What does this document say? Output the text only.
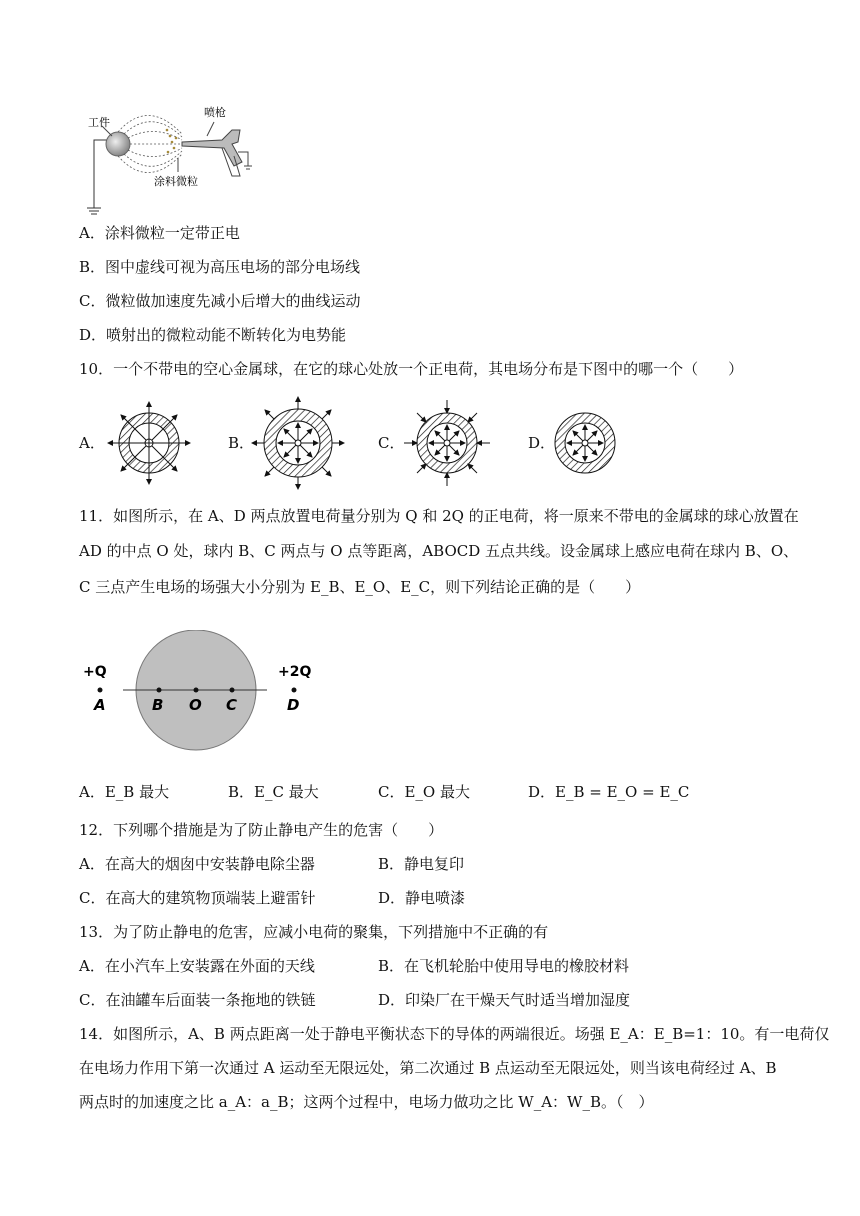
工件
喷枪
涂料微粒
A．涂料微粒一定带正电
B．图中虚线可视为高压电场的部分电场线
C．微粒做加速度先减小后增大的曲线运动
D．喷射出的微粒动能不断转化为电势能
10．一个不带电的空心金属球，在它的球心处放一个正电荷，其电场分布是下图中的哪一个（　　）
A．	B．	C．	D．
11．如图所示，在 A、D 两点放置电荷量分别为 Q 和 2Q 的正电荷，将一原来不带电的金属球的球心放置在
AD 的中点 O 处，球内 B、C 两点与 O 点等距离，ABOCD 五点共线。设金属球上感应电荷在球内 B、O、
C 三点产生电场的场强大小分别为 E_B、E_O、E_C，则下列结论正确的是（　　）
+Q	+2Q
A	B O C	D
A．E_B 最大	B．E_C 最大	C．E_O 最大	D．E_B = E_O = E_C
12．下列哪个措施是为了防止静电产生的危害（　　）
A．在高大的烟囱中安装静电除尘器	B．静电复印
C．在高大的建筑物顶端装上避雷针	D．静电喷漆
13．为了防止静电的危害，应减小电荷的聚集，下列措施中不正确的有
A．在小汽车上安装露在外面的天线	B．在飞机轮胎中使用导电的橡胶材料
C．在油罐车后面装一条拖地的铁链	D．印染厂在干燥天气时适当增加湿度
14．如图所示，A、B 两点距离一处于静电平衡状态下的导体的两端很近。场强 E_A：E_B=1：10。有一电荷仅
在电场力作用下第一次通过 A 运动至无限远处，第二次通过 B 点运动至无限远处，则当该电荷经过 A、B
两点时的加速度之比 a_A：a_B；这两个过程中，电场力做功之比 W_A：W_B。（　）
